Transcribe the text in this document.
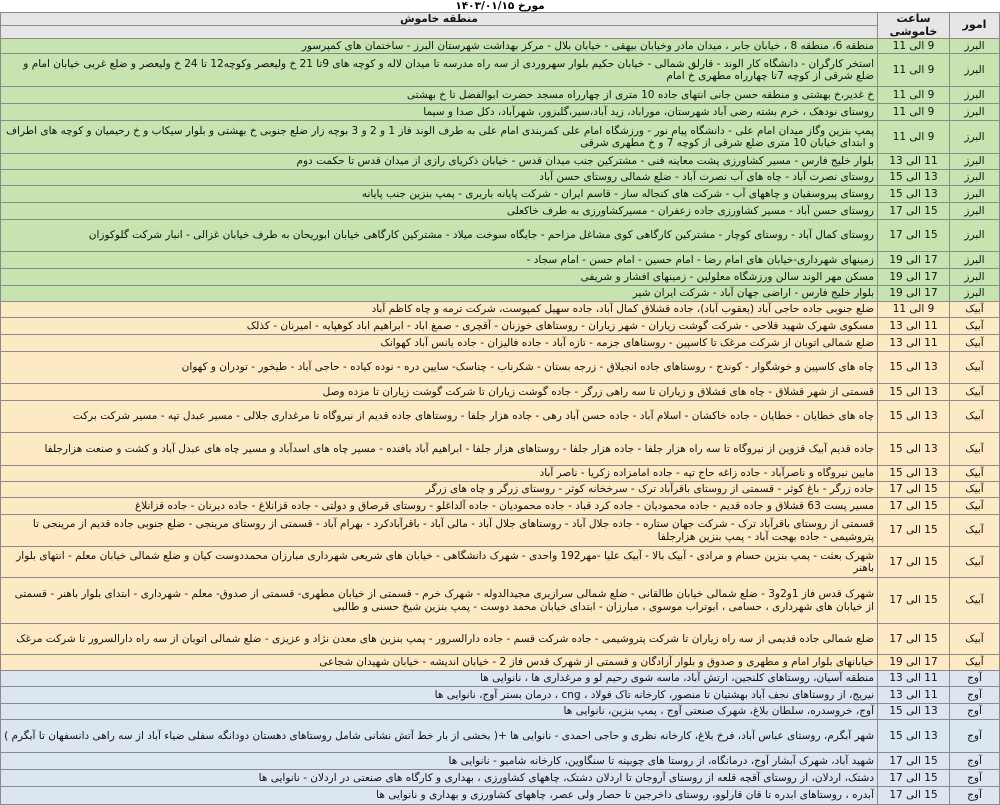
مورخ ۱۴۰۳/۰۱/۱۵
امور	ساعت خاموشی	منطقه خاموش

البرز	9 الی 11	منطقه 6، منطقه 8 ، خیابان جابر ، میدان مادر وخیابان بیهقی - خیابان بلال - مرکز بهداشت شهرستان البرز - ساختمان های کمپرسور
البرز	9 الی 11	استخر کارگران - دانشگاه کار الوند - قارلق شمالی - خیابان حکیم بلوار سهروردی از سه راه مدرسه تا میدان لاله و کوچه های 9تا 21 خ ولیعصر وکوچه12 تا 24 خ ولیعصر و ضلع غربی خیابان امام و ضلع شرقی از کوچه 7تا چهارراه مطهری خ امام
البرز	9 الی 11	خ غدیر،خ بهشتی و منطقه حسن جانی انتهای جاده 10 متری از چهارراه مسجد حضرت ابوالفضل تا خ بهشتی
البرز	9 الی 11	روستای نودهک ، خرم بشته رضی آباد شهرستان، موراباد، زید آباد،سیر،گلبزور، شهرآباد، دکل صدا و سیما
البرز	9 الی 11	پمپ بنزین وگاز میدان امام علی - دانشگاه پیام نور - ورزشگاه امام علی کمربندی امام علی به طرف الوند فاز 1 و 2 و 3 بوچه زار ضلع جنوبی خ بهشتی و بلوار سیکاب و خ رحیمیان و کوچه های اطراف و ابتدای خیابان 10 متری ضلع شرقی از کوچه 7 و خ مطهری شرقی
البرز	11 الی 13	بلوار خلیج فارس - مسیر کشاورزی پشت معاینه فنی - مشترکین جنب میدان قدس - خیابان ذکریای رازی از میدان قدس تا حکمت دوم
البرز	13 الی 15	روستای نصرت آباد - چاه های آب نصرت آباد - ضلع شمالی روستای حسن آباد
البرز	13 الی 15	روستای پیروسفیان و چاههای آب - شرکت های کنجاله ساز - قاسم ایران - شرکت پایانه باربری - پمپ بنزین جنب پایانه
البرز	15 الی 17	روستای حسن آباد - مسیر کشاورزی جاده زعفران - مسیرکشاورزی به طرف خاکعلی
البرز	15 الی 17	روستای کمال آباد - روستای کوچار - مشترکین کارگاهی کوی مشاغل مزاحم - جایگاه سوخت میلاد - مشترکین کارگاهی خیابان ابوریحان به طرف خیابان غزالی - انبار شرکت گلوکوزان
البرز	17 الی 19	زمینهای شهرداری-خیابان های امام رضا - امام حسین - امام حسن - امام سجاد -
البرز	17 الی 19	مسکن مهر الوند سالن ورزشگاه معلولین - زمینهای افشار و شریفی
البرز	17 الی 19	بلوار خلیج فارس - اراضی جهان آباد - شرکت ایران شیر
آبیک	9 الی 11	ضلع جنوبی جاده حاجی آباد (یعقوب آباد)، جاده قشلاق کمال آباد، جاده سهیل کمپوست، شرکت ترمه و چاه کاظم آباد
آبیک	11 الی 13	مسکوی شهرک شهید فلاحی - شرکت گوشت زیاران - شهر زیاران - روستاهای خوزنان - آقچری - صمغ اباد - ابراهیم اباد کوهپایه - امیرنان - کذلک
آبیک	11 الی 13	ضلع شمالی اتوبان از شرکت مرغک تا کاسپین - روستاهای جزمه - تازه آباد - جاده فالیزان - جاده یانس آباد کهوانک
آبیک	13 الی 15	چاه های کاسپین و خوشگوار - کوندج - روستاهای جاده انجیلاق - زرجه بستان - شکرناب - چناسک- سایین دره - نوده کیاده - حاجی آباد - طیخور - تودران و کهوان
آبیک	13 الی 15	قسمتی از شهر قشلاق - چاه های قشلاق و زیاران تا سه راهی زرگر - جاده گوشت زیاران تا شرکت گوشت زیاران تا مزده وصل
آبیک	13 الی 15	چاه های خطایان - خطایان - جاده خاکشان - اسلام آباد - جاده حسن آباد رهی - جاده هزار جلفا - روستاهای جاده قدیم از نیروگاه تا مرغداری جلالی - مسیر عبدل تپه - مسیر شرکت برکت
آبیک	13 الی 15	جاده قدیم آبیک قزوین از نیروگاه تا سه راه هزار جلفا - جاده هزار جلفا - روستاهای هزار جلفا - ابراهیم آباد بافنده - مسیر چاه های اسدآباد و مسیر چاه های عبدل آباد و کشت و صنعت هزارجلفا
آبیک	13 الی 15	مابین نیروگاه و ناصرآباد - جاده زاغه حاج تپه - جاده امامزاده زکریا - ناصر آباد
آبیک	15 الی 17	جاده زرگر - باغ کوثر - قسمتی از روستای باقرآباد ترک - سرخخانه کوثر - روستای زرگر و چاه های زرگر
آبیک	15 الی 17	مسیر پست 63 قشلاق و جاده قدیم - جاده محمودیان - جاده کرد قباد - جاده محمودیان - جاده آلداغلو - روستای قرصاق و دولتی - جاده قزانلاغ - جاده دیرنان - جاده قزانلاغ
آبیک	15 الی 17	قسمتی از روستای باقرآباد ترک - شرکت جهان ستاره - جاده جلال آباد - روستاهای جلال آباد - مالی آباد - باقرآبادکرد - بهرام آباد - قسمتی از روستای مرینجی - ضلع جنوبی جاده قدیم از مرینجی تا پتروشیمی - جاده بهجت آباد - پمپ بنزین هزارجلفا
آبیک	15 الی 17	شهرک بعثت - پمپ بنزین حسام و مرادی - آبیک بالا - آبیک علیا -مهر192 واحدی - شهرک دانشگاهی - خیابان های شریعی شهرداری مبارزان محمددوست کیان و ضلع شمالی خیابان معلم - انتهای بلوار باهنر
آبیک	15 الی 17	شهرک قدس فاز 1و2و3 - ضلع شمالی خیابان طالقانی - ضلع شمالی سرازیری مجیدالدوله - شهرک خرم - قسمتی از خیابان مطهری- قسمتی از صدوق- معلم - شهرداری - ابتدای بلوار باهنر - قسمتی از خیابان های شهرداری ، حسامی ، ابوتراب موسوی ، مبارزان - ابتدای خیابان محمد دوست - پمپ بنزین شیخ حسنی و طالبی
آبیک	15 الی 17	ضلع شمالی جاده قدیمی از سه راه زیاران تا شرکت پتروشیمی - جاده شرکت قسم - جاده دارالسرور - پمپ بنزین های معدن نژاد و عزیزی - ضلع شمالی اتوبان از سه راه دارالسرور تا شرکت مرغک
آبیک	17 الی 19	خیابانهای بلوار امام و مطهری و صدوق و بلوار آزادگان و قسمتی از شهرک قدس فاز 2 - خیابان اندیشه - خیابان شهیدان شجاعی
آوج	11 الی 13	منطقه آسیان، روستاهای کلنجین، ارتش آباد، ماسه شوی رحیم لو و مرغداری ها ، نانوایی ها
آوج	11 الی 13	نیریج، از روستاهای نجف آباد بهشتیان تا منصور، کارخانه تاک فولاد ، cng ، درمان بستر آوج، نانوایی ها
آوج	13 الی 15	آوج، خروسدره، سلطان بلاغ، شهرک صنعتی آوج ، پمپ بنزین، نانوایی ها
آوج	13 الی 15	شهر آبگرم، روستای عباس آباد، فرخ بلاغ، کارخانه نظری و حاجی احمدی - نانوایی ها +( بخشی از بار خط آتش نشانی شامل روستاهای دهستان دودانگه سفلی ضیاء آباد از سه راهی دانسفهان تا آبگرم )
آوج	15 الی 17	شهید آباد، شهرک آبشار آوج، درمانگاه، از روستا های چوبینه تا سنگاوین، کارخانه شامیو - نانوایی ها
آوج	15 الی 17	دشتک، اردلان، از روستای آقچه قلعه از روستای آروجان تا اردلان دشتک، چاههای کشاورزی ، بهداری و کارگاه های صنعتی در اردلان - نانوایی ها
آوج	15 الی 17	آبدره ، روستاهای ابدره تا قان قارلوو، روستای داخرجین تا حصار ولی عصر، چاههای کشاورزی و بهداری و نانوایی ها
